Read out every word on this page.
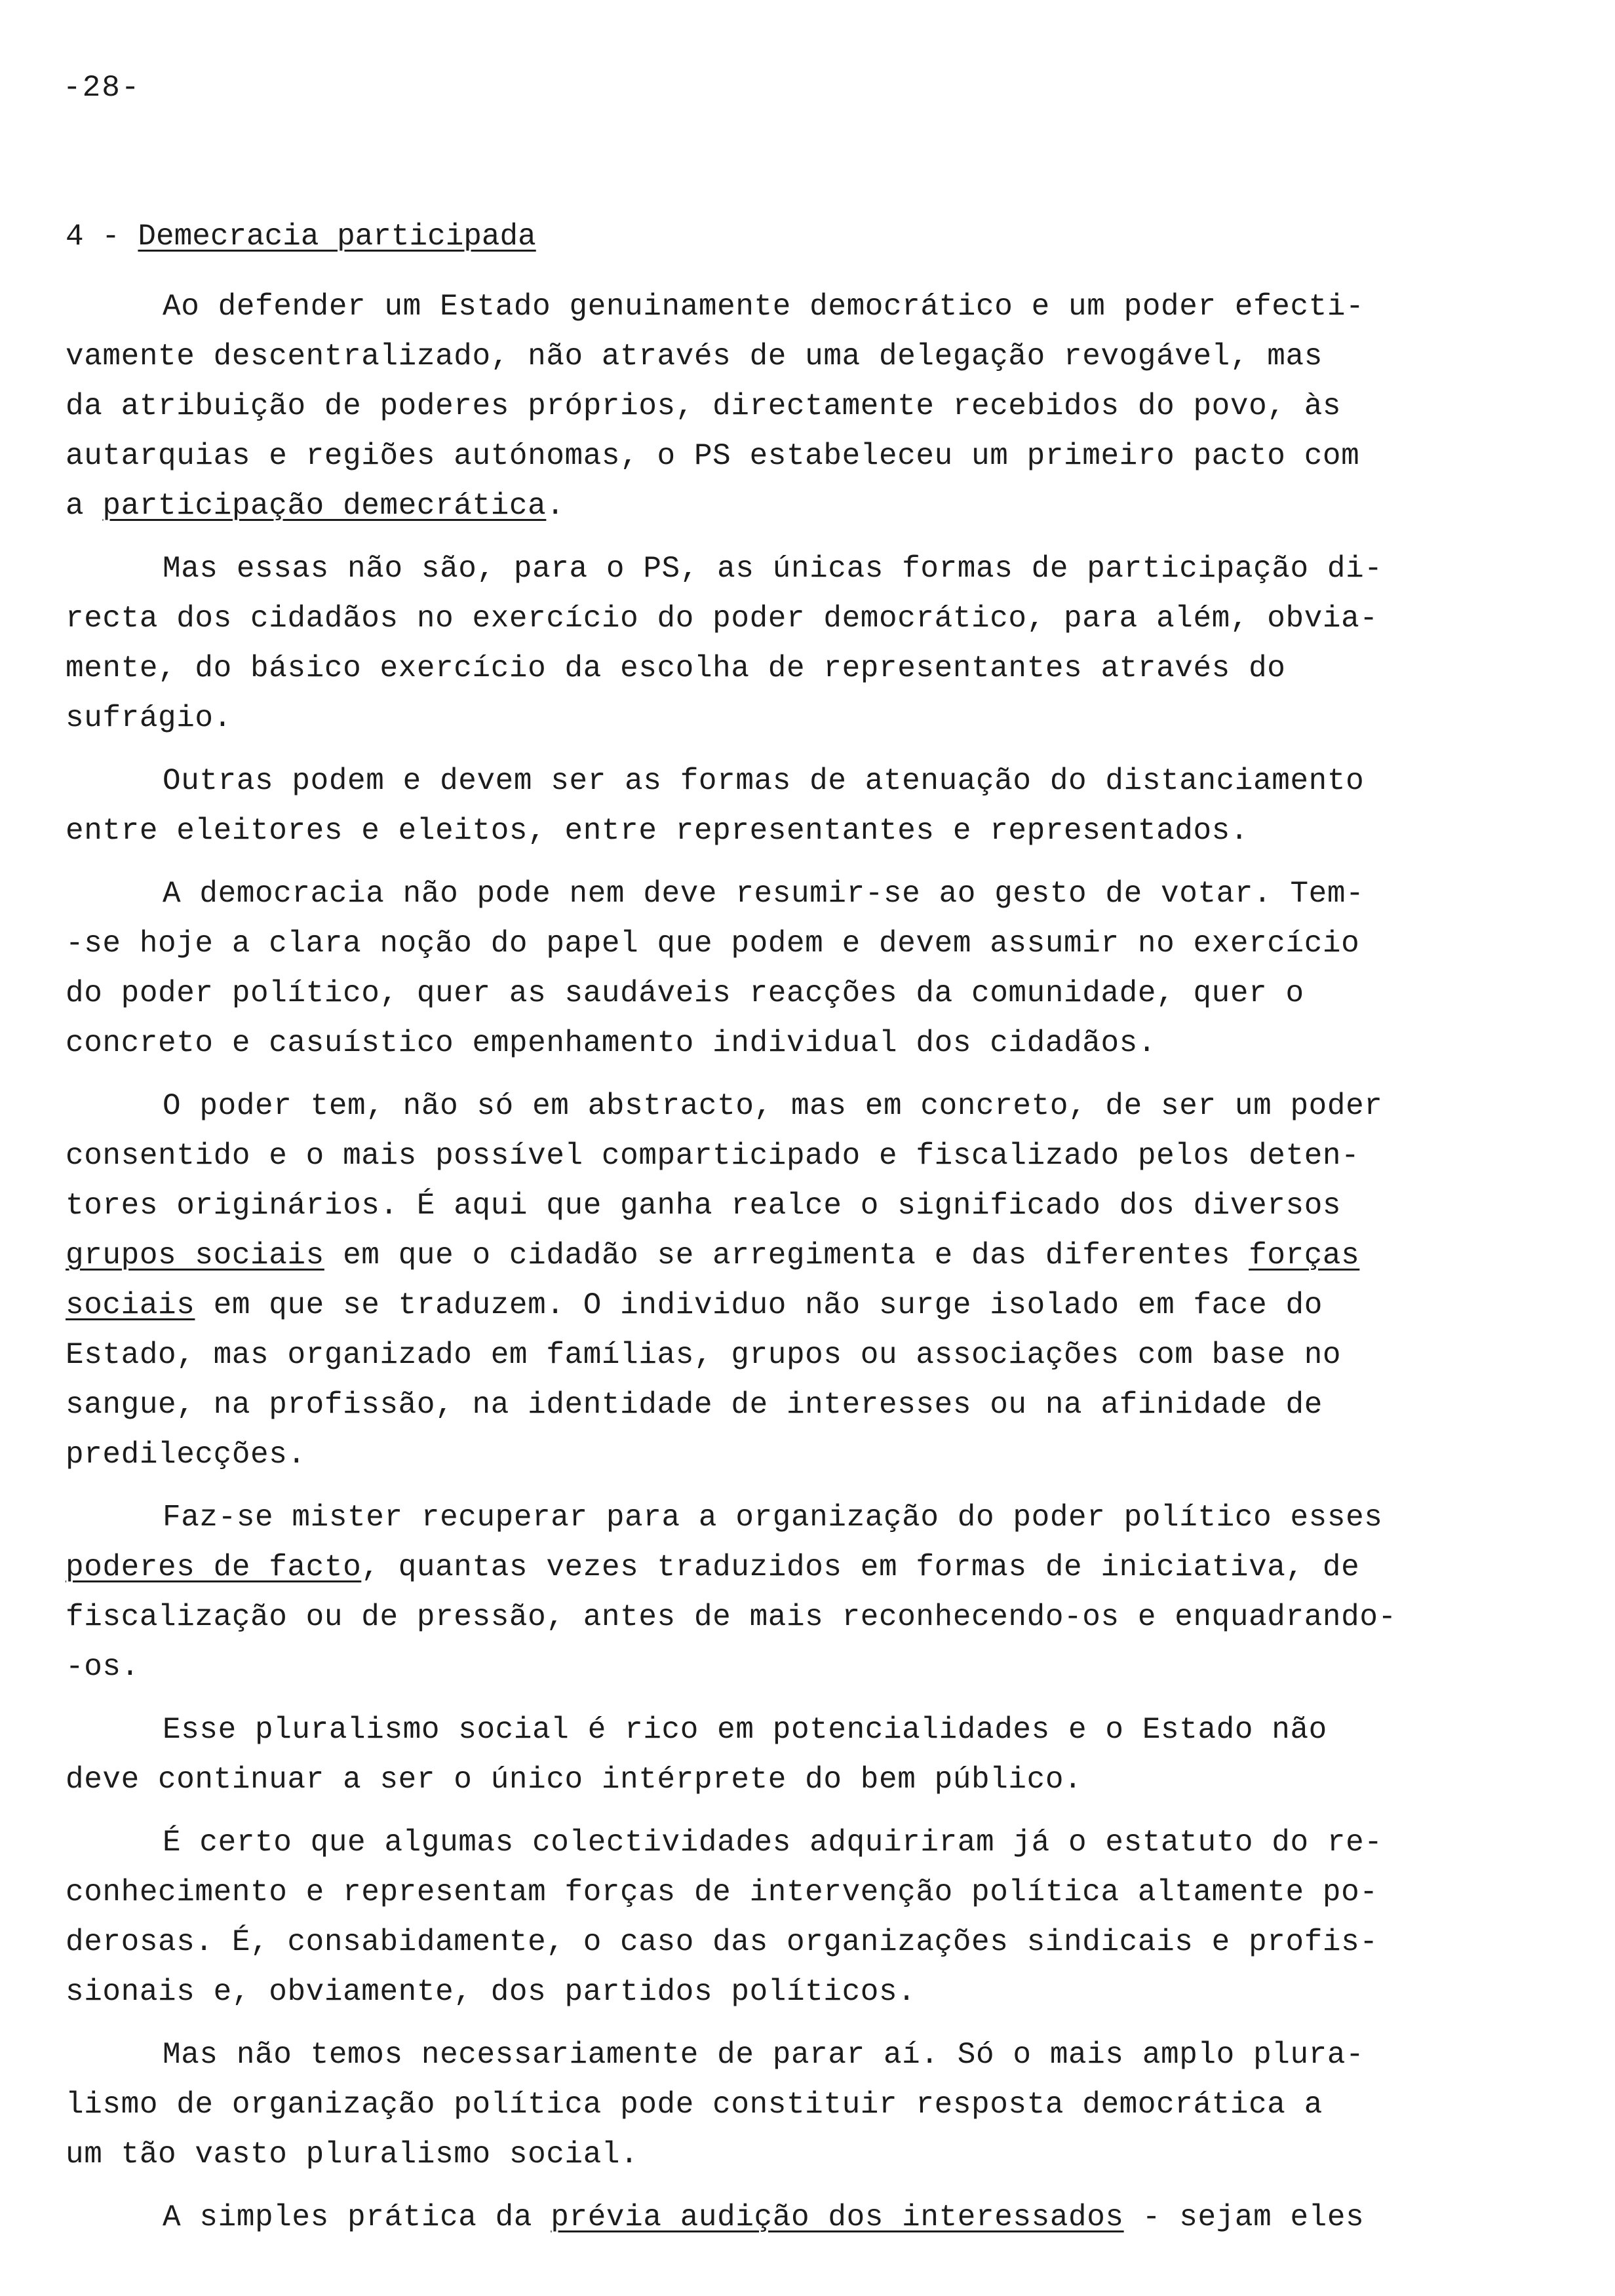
-28-
4 - Demecracia participada
Ao defender um Estado genuinamente democrático e um poder efecti-
vamente descentralizado, não através de uma delegação revogável, mas
da atribuição de poderes próprios, directamente recebidos do povo, às
autarquias e regiões autónomas, o PS estabeleceu um primeiro pacto com
a participação demecrática.
Mas essas não são, para o PS, as únicas formas de participação di-
recta dos cidadãos no exercício do poder democrático, para além, obvia-
mente, do básico exercício da escolha de representantes através do
sufrágio.
Outras podem e devem ser as formas de atenuação do distanciamento
entre eleitores e eleitos, entre representantes e representados.
A democracia não pode nem deve resumir-se ao gesto de votar. Tem-
-se hoje a clara noção do papel que podem e devem assumir no exercício
do poder político, quer as saudáveis reacções da comunidade, quer o
concreto e casuístico empenhamento individual dos cidadãos.
O poder tem, não só em abstracto, mas em concreto, de ser um poder
consentido e o mais possível comparticipado e fiscalizado pelos deten-
tores originários. É aqui que ganha realce o significado dos diversos
grupos sociais em que o cidadão se arregimenta e das diferentes forças
sociais em que se traduzem. O individuo não surge isolado em face do
Estado, mas organizado em famílias, grupos ou associações com base no
sangue, na profissão, na identidade de interesses ou na afinidade de
predilecções.
Faz-se mister recuperar para a organização do poder político esses
poderes de facto, quantas vezes traduzidos em formas de iniciativa, de
fiscalização ou de pressão, antes de mais reconhecendo-os e enquadrando-
-os.
Esse pluralismo social é rico em potencialidades e o Estado não
deve continuar a ser o único intérprete do bem público.
É certo que algumas colectividades adquiriram já o estatuto do re-
conhecimento e representam forças de intervenção política altamente po-
derosas. É, consabidamente, o caso das organizações sindicais e profis-
sionais e, obviamente, dos partidos políticos.
Mas não temos necessariamente de parar aí. Só o mais amplo plura-
lismo de organização política pode constituir resposta democrática a
um tão vasto pluralismo social.
A simples prática da prévia audição dos interessados - sejam eles
